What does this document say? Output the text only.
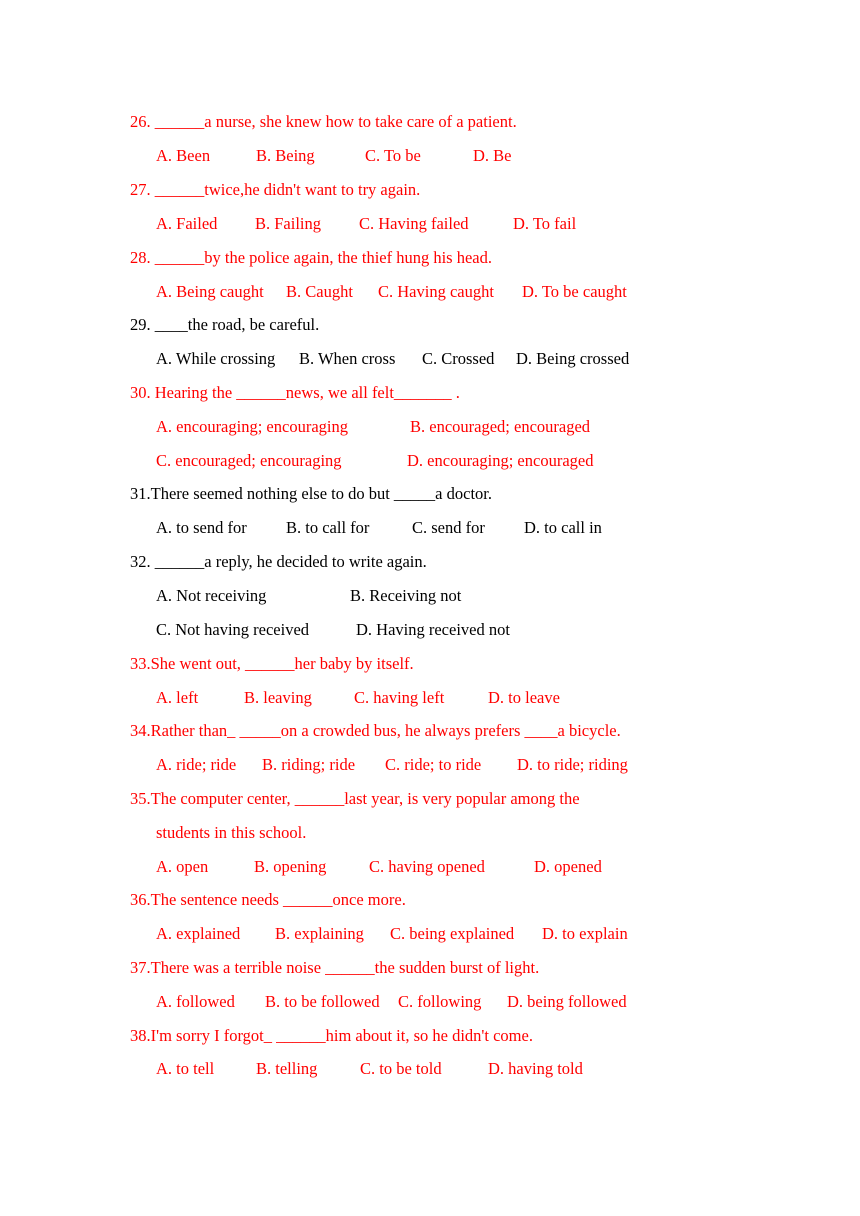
26. ______a nurse, she knew how to take care of a patient.
A. Been	B. Being	C. To be	D. Be
27. ______twice,he didn't want to try again.
A. Failed B. Failing C. Having failed	D. To fail
28. ______by the police again, the thief hung his head.
A. Being caught B. Caught C. Having caught D. To be caught
29. ____the road, be careful.
A. While crossing B. When cross C. Crossed D. Being crossed
30. Hearing the ______news, we all felt_______ .
A. encouraging; encouraging	B. encouraged; encouraged
C. encouraged; encouraging	D. encouraging; encouraged
31.There seemed nothing else to do but _____a doctor.
A. to send for B. to call for	C. send for D. to call in
32. ______a reply, he decided to write again.
A. Not receiving	B. Receiving not
C. Not having received	D. Having received not
33.She went out, ______her baby by itself.
A. left	B. leaving	C. having left	D. to leave
34.Rather than_ _____on a crowded bus, he always prefers ____a bicycle.
A. ride; ride B. riding; ride C. ride; to ride D. to ride; riding
35.The computer center, ______last year, is very popular among the
students in this school.
A. open	B. opening	C. having opened	D. opened
36.The sentence needs ______once more.
A. explained B. explaining C. being explained D. to explain
37.There was a terrible noise ______the sudden burst of light.
A. followed B. to be followed C. following D. being followed
38.I'm sorry I forgot_ ______him about it, so he didn't come.
A. to tell	B. telling	C. to be told	D. having told
